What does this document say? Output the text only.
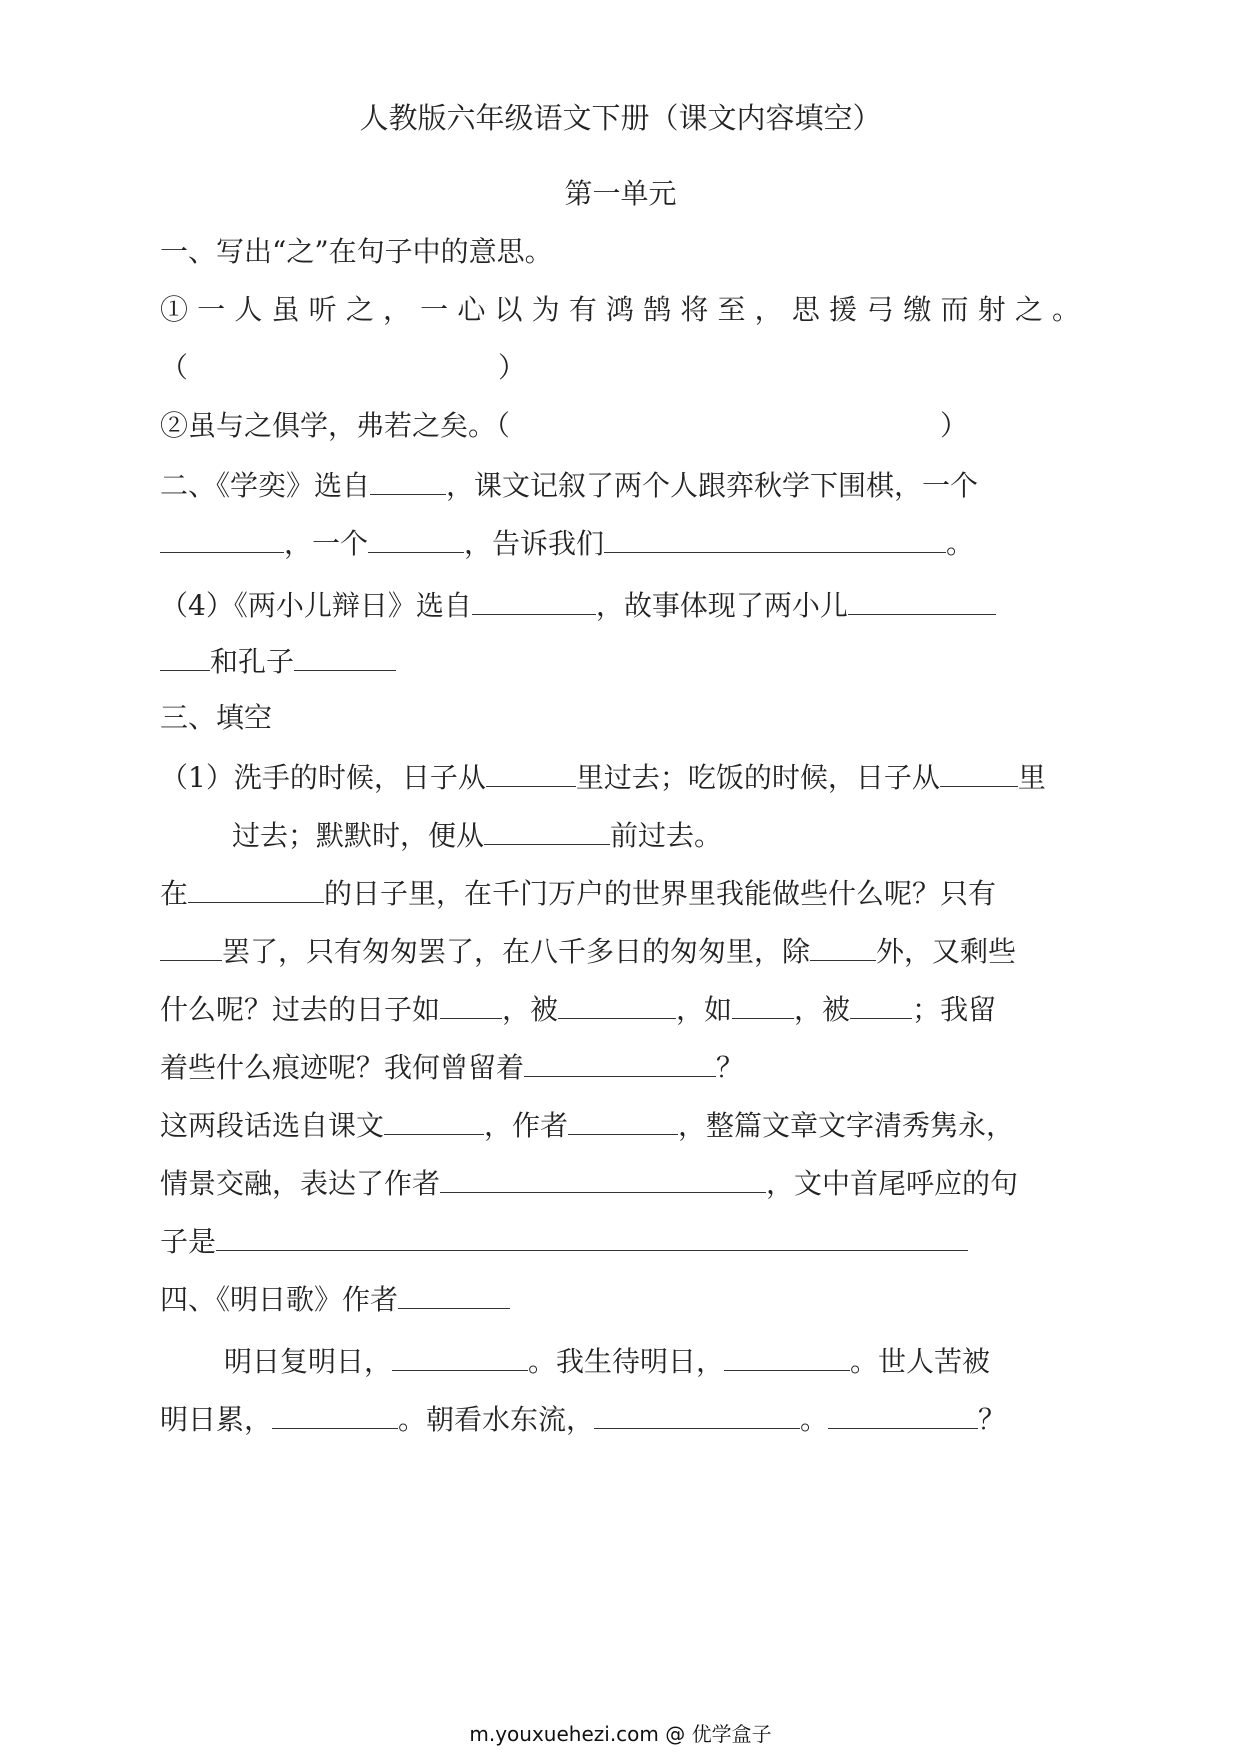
人教版六年级语文下册（课文内容填空）
第一单元
一、写出“之”在句子中的意思。
①一人虽听之，一心以为有鸿鹄将至，思援弓缴而射之。
（	）
②虽与之俱学，弗若之矣。（	）
二、《学奕》选自	，课文记叙了两个人跟弈秋学下围棋，一个
，一个	，告诉我们	。
（4）《两小儿辩日》选自	，故事体现了两小儿
和孔子
三、填空
（1）洗手的时候，日子从	里过去；吃饭的时候，日子从	里
过去；默默时，便从	前过去。
在	的日子里，在千门万户的世界里我能做些什么呢？只有
罢了，只有匆匆罢了，在八千多日的匆匆里，除 外，又剩些
什么呢？过去的日子如 ，被	，如 ，被 ；我留
着些什么痕迹呢？我何曾留着	？
这两段话选自课文	，作者	，整篇文章文字清秀隽永，
情景交融，表达了作者	，文中首尾呼应的句
子是
四、《明日歌》作者
明日复明日，	。我生待明日，	。世人苦被
明日累，	。朝看水东流，	。	？
m.youxuehezi.com @ 优学盒子
